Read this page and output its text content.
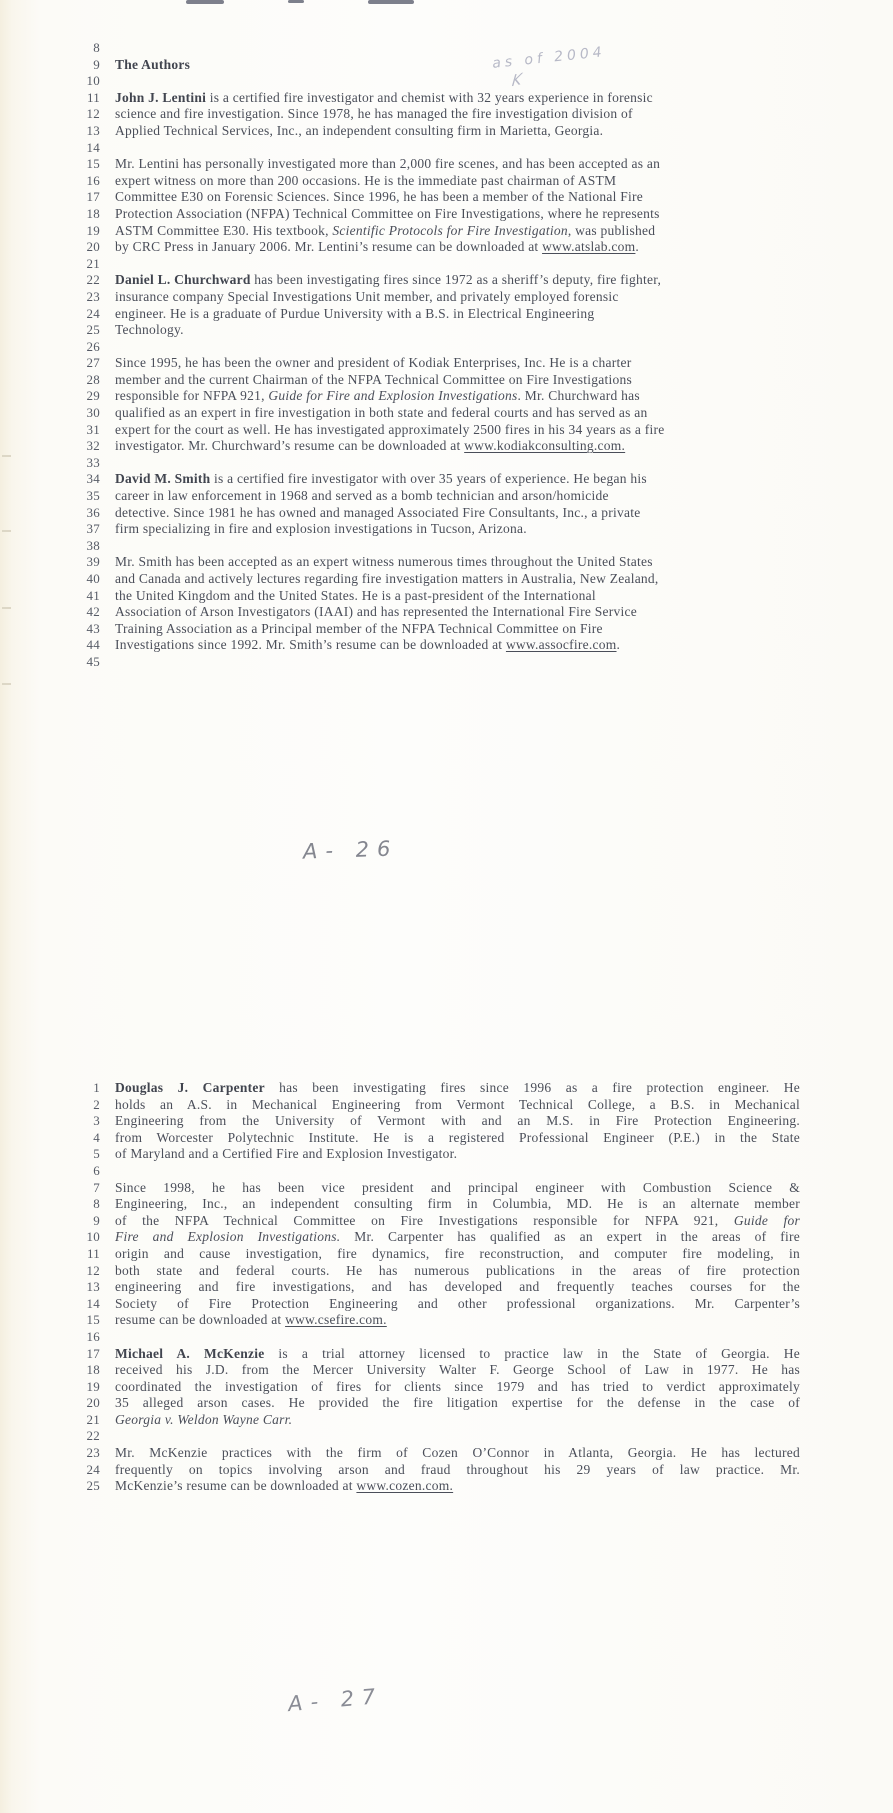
as of 2004
K
8
9 The Authors
10
11 John J. Lentini is a certified fire investigator and chemist with 32 years experience in forensic
12 science and fire investigation. Since 1978, he has managed the fire investigation division of
13 Applied Technical Services, Inc., an independent consulting firm in Marietta, Georgia.
14
15 Mr. Lentini has personally investigated more than 2,000 fire scenes, and has been accepted as an
16 expert witness on more than 200 occasions. He is the immediate past chairman of ASTM
17 Committee E30 on Forensic Sciences. Since 1996, he has been a member of the National Fire
18 Protection Association (NFPA) Technical Committee on Fire Investigations, where he represents
19 ASTM Committee E30. His textbook, Scientific Protocols for Fire Investigation, was published
20 by CRC Press in January 2006. Mr. Lentini’s resume can be downloaded at www.atslab.com.
21
22 Daniel L. Churchward has been investigating fires since 1972 as a sheriff’s deputy, fire fighter,
23 insurance company Special Investigations Unit member, and privately employed forensic
24 engineer. He is a graduate of Purdue University with a B.S. in Electrical Engineering
25 Technology.
26
27 Since 1995, he has been the owner and president of Kodiak Enterprises, Inc. He is a charter
28 member and the current Chairman of the NFPA Technical Committee on Fire Investigations
29 responsible for NFPA 921, Guide for Fire and Explosion Investigations. Mr. Churchward has
30 qualified as an expert in fire investigation in both state and federal courts and has served as an
31 expert for the court as well. He has investigated approximately 2500 fires in his 34 years as a fire
32 investigator. Mr. Churchward’s resume can be downloaded at www.kodiakconsulting.com.
33
34 David M. Smith is a certified fire investigator with over 35 years of experience. He began his
35 career in law enforcement in 1968 and served as a bomb technician and arson/homicide
36 detective. Since 1981 he has owned and managed Associated Fire Consultants, Inc., a private
37 firm specializing in fire and explosion investigations in Tucson, Arizona.
38
39 Mr. Smith has been accepted as an expert witness numerous times throughout the United States
40 and Canada and actively lectures regarding fire investigation matters in Australia, New Zealand,
41 the United Kingdom and the United States. He is a past-president of the International
42 Association of Arson Investigators (IAAI) and has represented the International Fire Service
43 Training Association as a Principal member of the NFPA Technical Committee on Fire
44 Investigations since 1992. Mr. Smith’s resume can be downloaded at www.assocfire.com.
45
A- 26
1 Douglas J. Carpenter has been investigating fires since 1996 as a fire protection engineer. He
2 holds an A.S. in Mechanical Engineering from Vermont Technical College, a B.S. in Mechanical
3 Engineering from the University of Vermont with and an M.S. in Fire Protection Engineering.
4 from Worcester Polytechnic Institute. He is a registered Professional Engineer (P.E.) in the State
5 of Maryland and a Certified Fire and Explosion Investigator.
6
7 Since 1998, he has been vice president and principal engineer with Combustion Science &
8 Engineering, Inc., an independent consulting firm in Columbia, MD. He is an alternate member
9 of the NFPA Technical Committee on Fire Investigations responsible for NFPA 921, Guide for
10 Fire and Explosion Investigations. Mr. Carpenter has qualified as an expert in the areas of fire
11 origin and cause investigation, fire dynamics, fire reconstruction, and computer fire modeling, in
12 both state and federal courts. He has numerous publications in the areas of fire protection
13 engineering and fire investigations, and has developed and frequently teaches courses for the
14 Society of Fire Protection Engineering and other professional organizations. Mr. Carpenter’s
15 resume can be downloaded at www.csefire.com.
16
17 Michael A. McKenzie is a trial attorney licensed to practice law in the State of Georgia. He
18 received his J.D. from the Mercer University Walter F. George School of Law in 1977. He has
19 coordinated the investigation of fires for clients since 1979 and has tried to verdict approximately
20 35 alleged arson cases. He provided the fire litigation expertise for the defense in the case of
21 Georgia v. Weldon Wayne Carr.
22
23 Mr. McKenzie practices with the firm of Cozen O’Connor in Atlanta, Georgia. He has lectured
24 frequently on topics involving arson and fraud throughout his 29 years of law practice. Mr.
25 McKenzie’s resume can be downloaded at www.cozen.com.
A- 27
